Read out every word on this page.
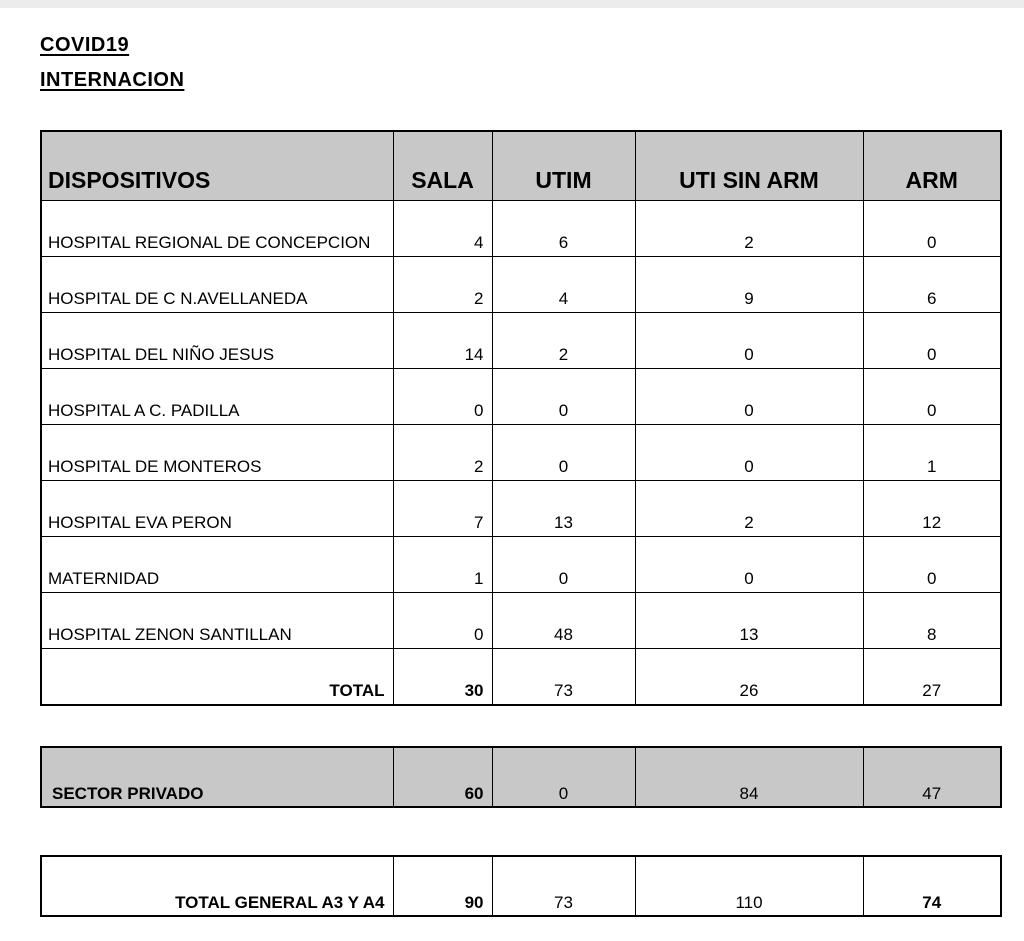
COVID19
INTERNACION
DISPOSITIVOS	SALA	UTIM	UTI SIN ARM	ARM
HOSPITAL REGIONAL DE CONCEPCION	4	6	2	0
HOSPITAL DE C N.AVELLANEDA	2	4	9	6
HOSPITAL DEL NIÑO JESUS	14	2	0	0
HOSPITAL A C. PADILLA	0	0	0	0
HOSPITAL DE MONTEROS	2	0	0	1
HOSPITAL EVA PERON	7	13	2	12
MATERNIDAD	1	0	0	0
HOSPITAL ZENON SANTILLAN	0	48	13	8
TOTAL	30	73	26	27
SECTOR PRIVADO	60	0	84	47
TOTAL GENERAL A3 Y A4	90	73	110	74
